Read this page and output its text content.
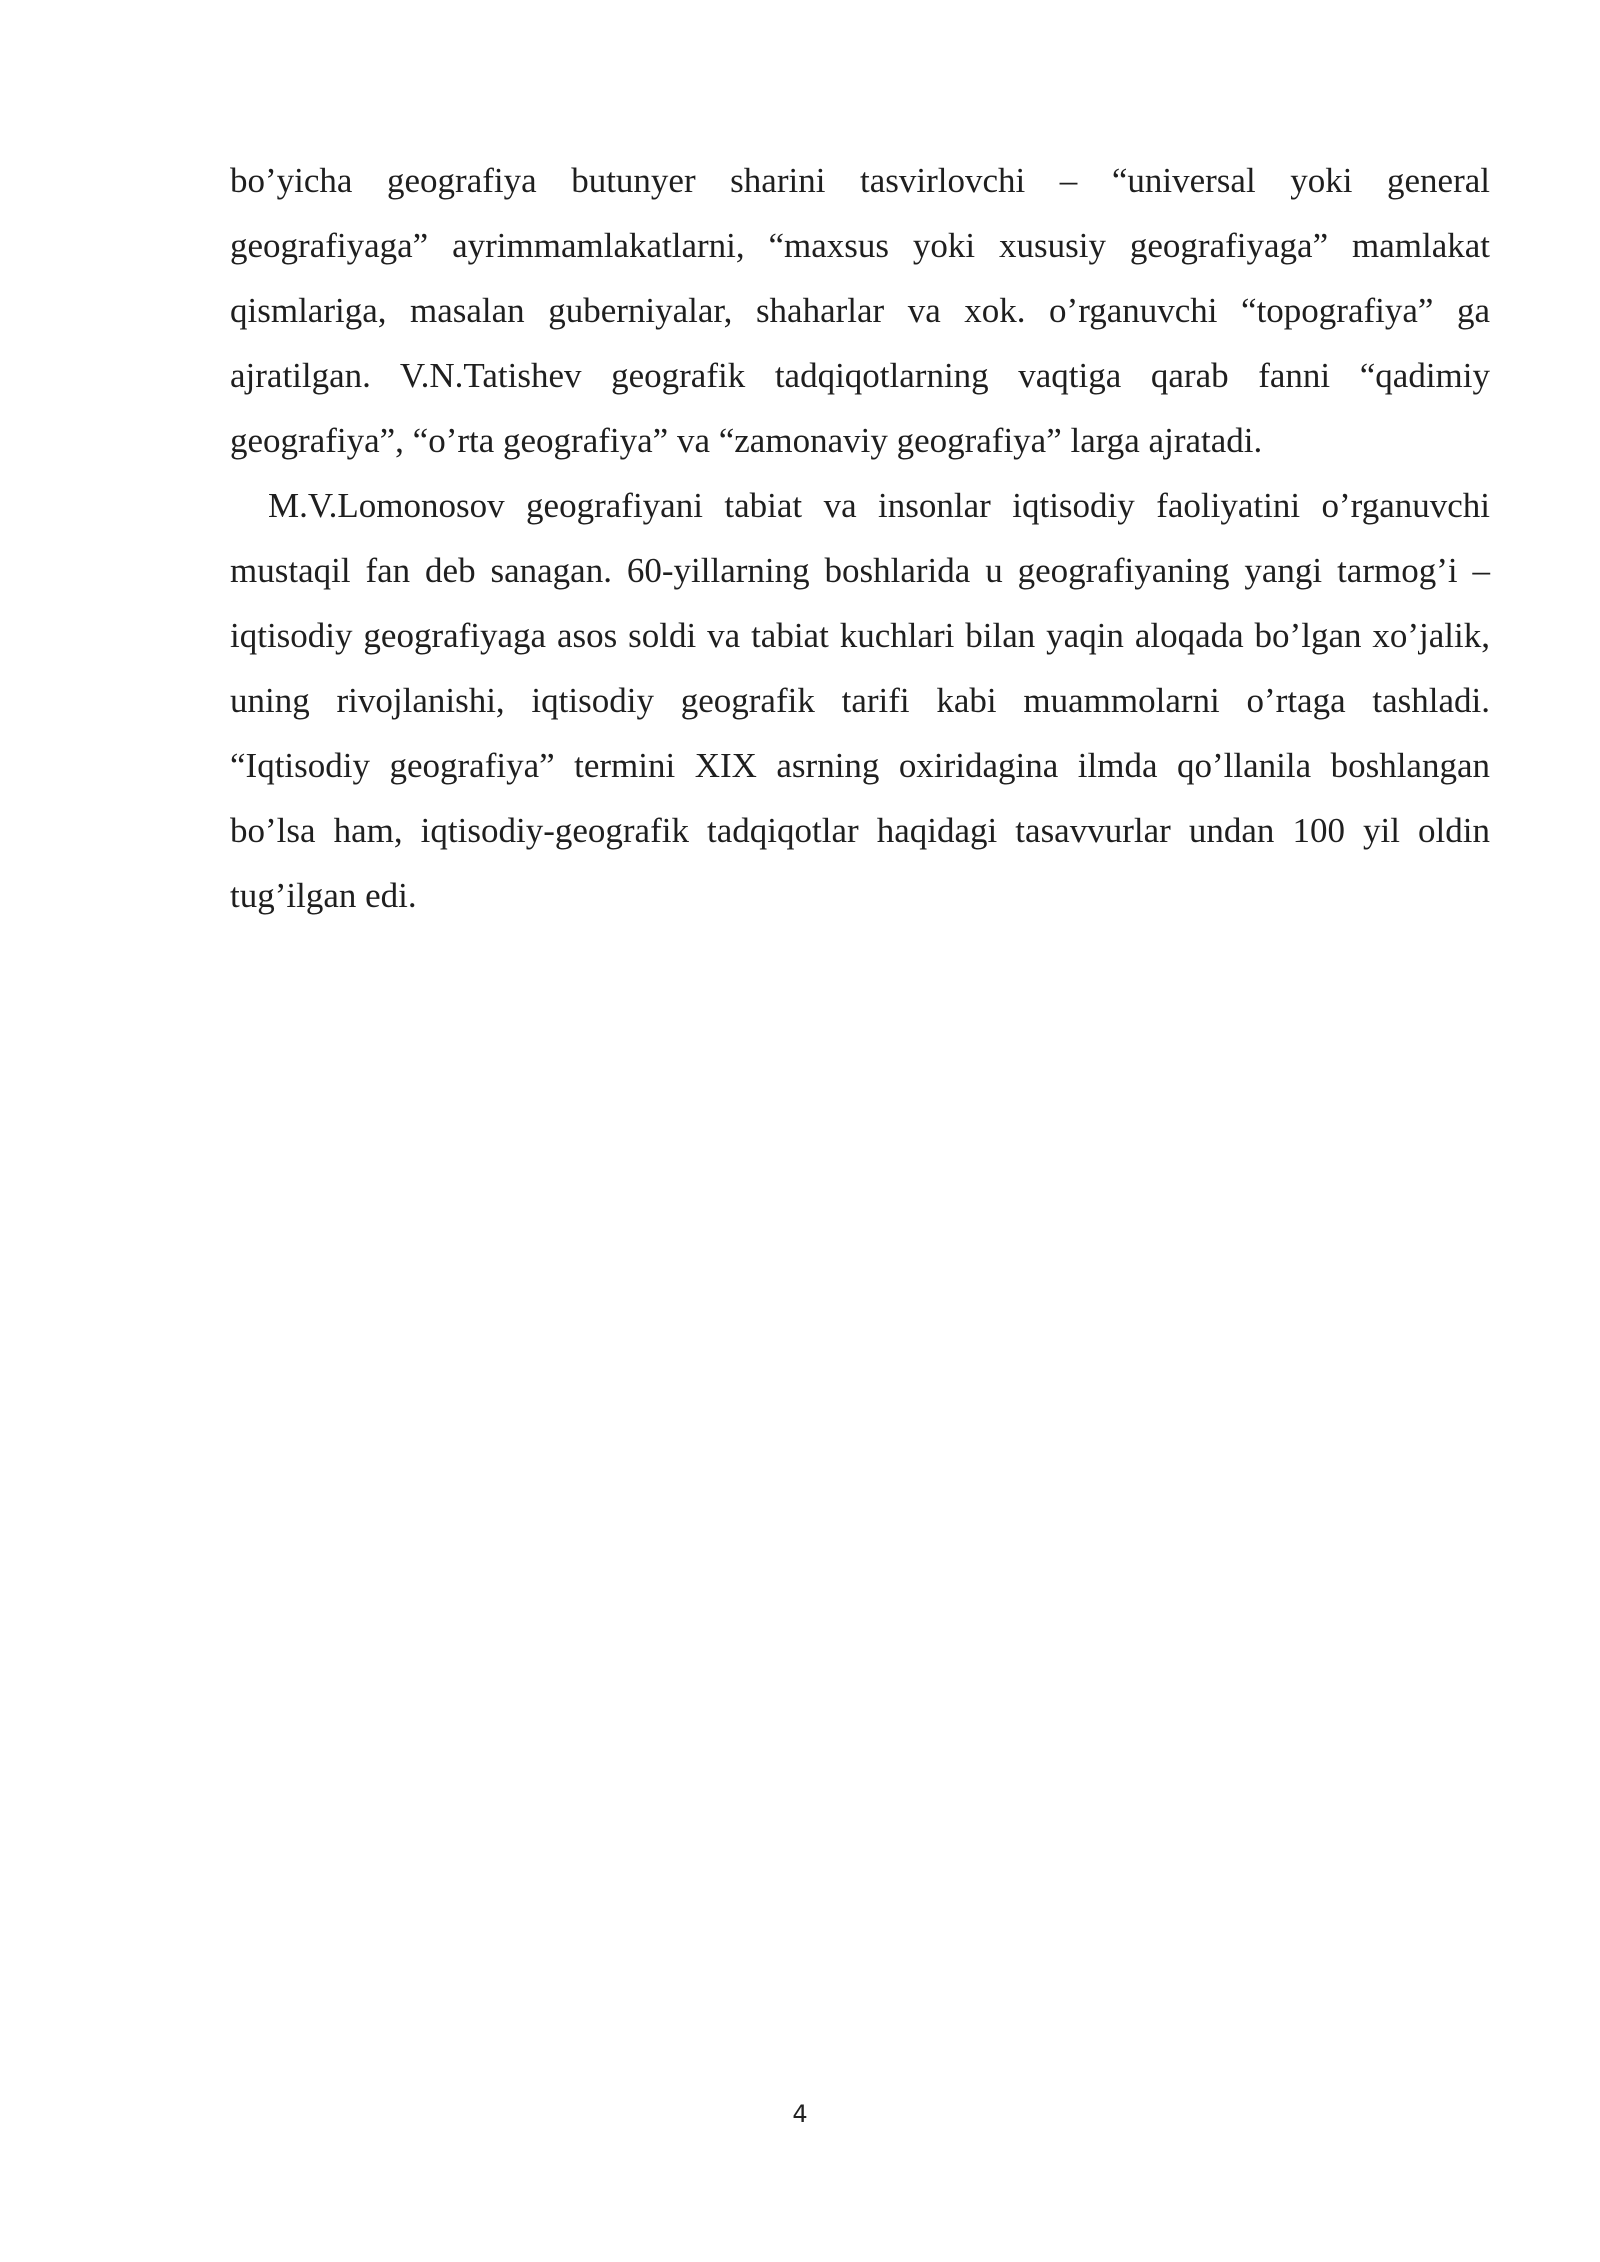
bo’yicha geografiya butunyer sharini tasvirlovchi – “universal yoki general geografiyaga” ayrimmamlakatlarni, “maxsus yoki xususiy geografiyaga” mamlakat qismlariga, masalan guberniyalar, shaharlar va xok. o’rganuvchi “topografiya” ga ajratilgan. V.N.Tatishev geografik tadqiqotlarning vaqtiga qarab fanni “qadimiy geografiya”, “o’rta geografiya” va “zamonaviy geografiya” larga ajratadi.

M.V.Lomonosov geografiyani tabiat va insonlar iqtisodiy faoliyatini o’rganuvchi mustaqil fan deb sanagan. 60-yillarning boshlarida u geografiyaning yangi tarmog’i – iqtisodiy geografiyaga asos soldi va tabiat kuchlari bilan yaqin aloqada bo’lgan xo’jalik, uning rivojlanishi, iqtisodiy geografik tarifi kabi muammolarni o’rtaga tashladi. “Iqtisodiy geografiya” termini XIX asrning oxiridagina ilmda qo’llanila boshlangan bo’lsa ham, iqtisodiy-geografik tadqiqotlar haqidagi tasavvurlar undan 100 yil oldin tug’ilgan edi.

4
